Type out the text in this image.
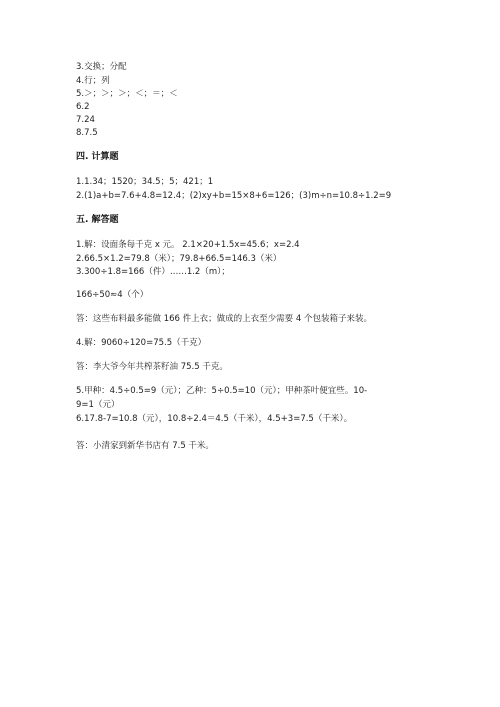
3.交换；分配
4.行；列
5.＞；＞；＞；＜；＝；＜
6.2
7.24
8.7.5
四. 计算题
1.1.34；1520；34.5；5；421；1
2.(1)a+b=7.6+4.8=12.4；(2)xy+b=15×8+6=126；(3)m÷n=10.8÷1.2=9
五. 解答题
1.解：设面条每千克 x 元。 2.1×20+1.5x=45.6；x=2.4
2.66.5×1.2=79.8（米）；79.8+66.5=146.3（米）
3.300÷1.8=166（件）……1.2（m）；
166÷50≈4（个）
答：这些布料最多能做 166 件上衣；做成的上衣至少需要 4 个包装箱子来装。
4.解：9060÷120=75.5（千克）
答：李大爷今年共榨茶籽油 75.5 千克。
5.甲种：4.5÷0.5=9（元）；乙种：5÷0.5=10（元）；甲种茶叶便宜些。10-
9=1（元）
6.17.8-7=10.8（元），10.8÷2.4＝4.5（千米），4.5+3=7.5（千米）。
答：小清家到新华书店有 7.5 千米。
